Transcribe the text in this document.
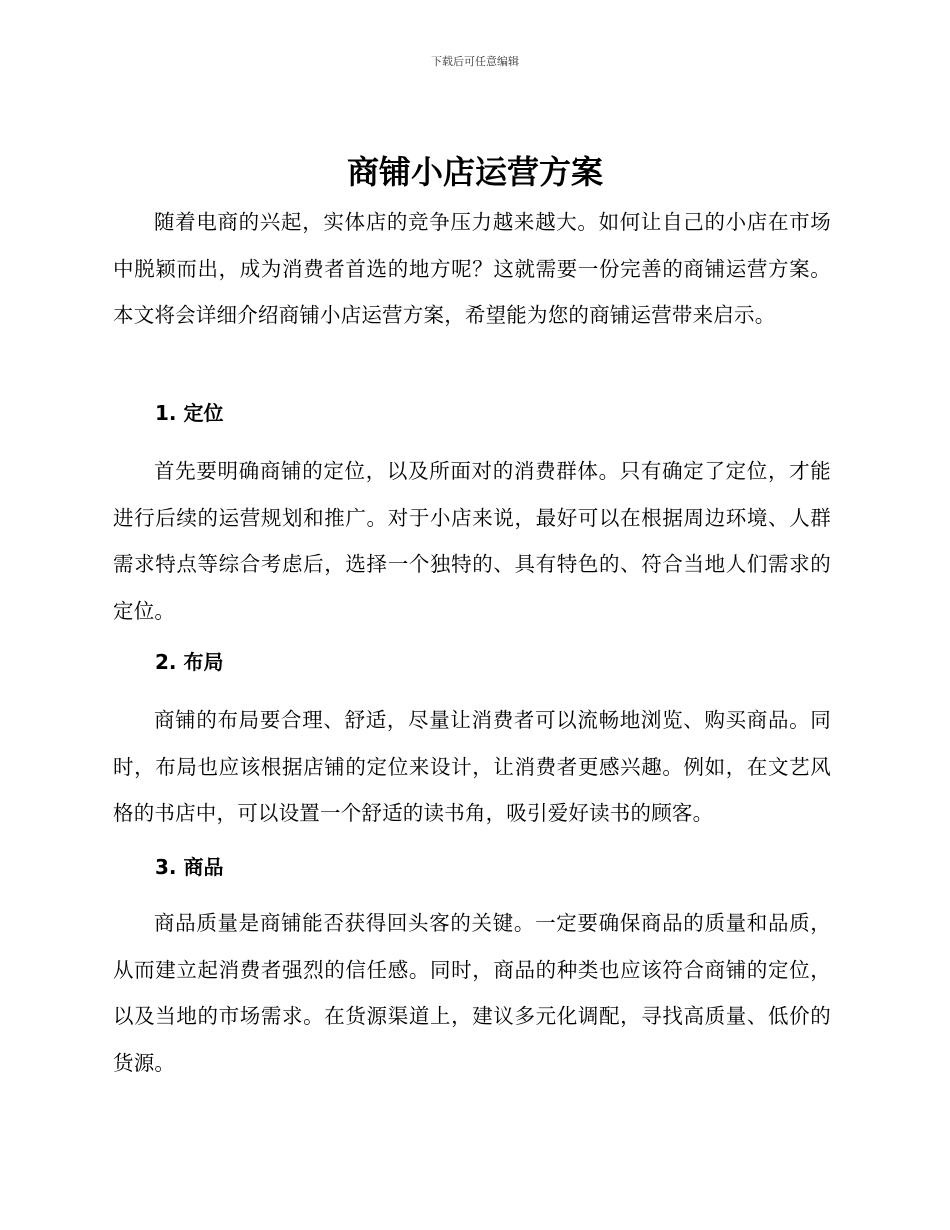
下载后可任意编辑
商铺小店运营方案

随着电商的兴起，实体店的竞争压力越来越大。如何让自己的小店在市场中脱颖而出，成为消费者首选的地方呢？这就需要一份完善的商铺运营方案。本文将会详细介绍商铺小店运营方案，希望能为您的商铺运营带来启示。

1. 定位

首先要明确商铺的定位，以及所面对的消费群体。只有确定了定位，才能进行后续的运营规划和推广。对于小店来说，最好可以在根据周边环境、人群需求特点等综合考虑后，选择一个独特的、具有特色的、符合当地人们需求的定位。

2. 布局

商铺的布局要合理、舒适，尽量让消费者可以流畅地浏览、购买商品。同时，布局也应该根据店铺的定位来设计，让消费者更感兴趣。例如，在文艺风格的书店中，可以设置一个舒适的读书角，吸引爱好读书的顾客。

3. 商品

商品质量是商铺能否获得回头客的关键。一定要确保商品的质量和品质，从而建立起消费者强烈的信任感。同时，商品的种类也应该符合商铺的定位，以及当地的市场需求。在货源渠道上，建议多元化调配，寻找高质量、低价的货源。
